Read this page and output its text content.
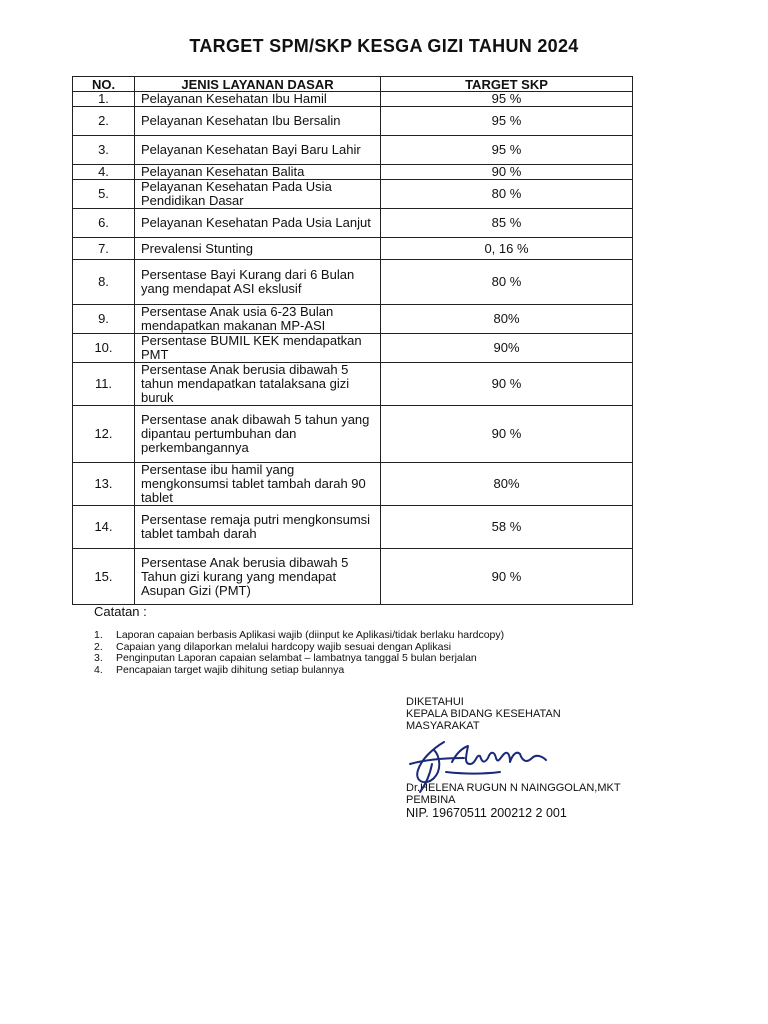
TARGET SPM/SKP KESGA GIZI TAHUN 2024
NO.	JENIS LAYANAN DASAR	TARGET SKP
1.	Pelayanan Kesehatan Ibu Hamil	95 %
2.	Pelayanan Kesehatan Ibu Bersalin	95 %
3.	Pelayanan Kesehatan Bayi Baru Lahir	95 %
4.	Pelayanan Kesehatan Balita	90 %
5.	Pelayanan Kesehatan Pada Usia Pendidikan Dasar	80 %
6.	Pelayanan Kesehatan Pada Usia Lanjut	85 %
7.	Prevalensi Stunting	0, 16 %
8.	Persentase Bayi Kurang dari 6 Bulan yang mendapat ASI ekslusif	80 %
9.	Persentase Anak usia 6-23 Bulan mendapatkan makanan MP-ASI	80%
10.	Persentase BUMIL KEK mendapatkan PMT	90%
11.	Persentase Anak berusia dibawah 5 tahun mendapatkan tatalaksana gizi buruk	90 %
12.	Persentase anak dibawah 5 tahun yang dipantau pertumbuhan dan perkembangannya	90 %
13.	Persentase ibu hamil yang mengkonsumsi tablet tambah darah 90 tablet	80%
14.	Persentase remaja putri mengkonsumsi tablet tambah darah	58 %
15.	Persentase Anak berusia dibawah 5 Tahun gizi kurang yang mendapat Asupan Gizi (PMT)	90 %
Catatan :
1. Laporan capaian berbasis Aplikasi wajib (diinput ke Aplikasi/tidak berlaku hardcopy)
2. Capaian yang dilaporkan melalui hardcopy wajib sesuai dengan Aplikasi
3. Penginputan Laporan capaian selambat – lambatnya tanggal 5 bulan berjalan
4. Pencapaian target wajib dihitung setiap bulannya
DIKETAHUI
KEPALA BIDANG KESEHATAN
MASYARAKAT
Dr.HELENA RUGUN N NAINGGOLAN,MKT
PEMBINA
NIP. 19670511 200212 2 001
